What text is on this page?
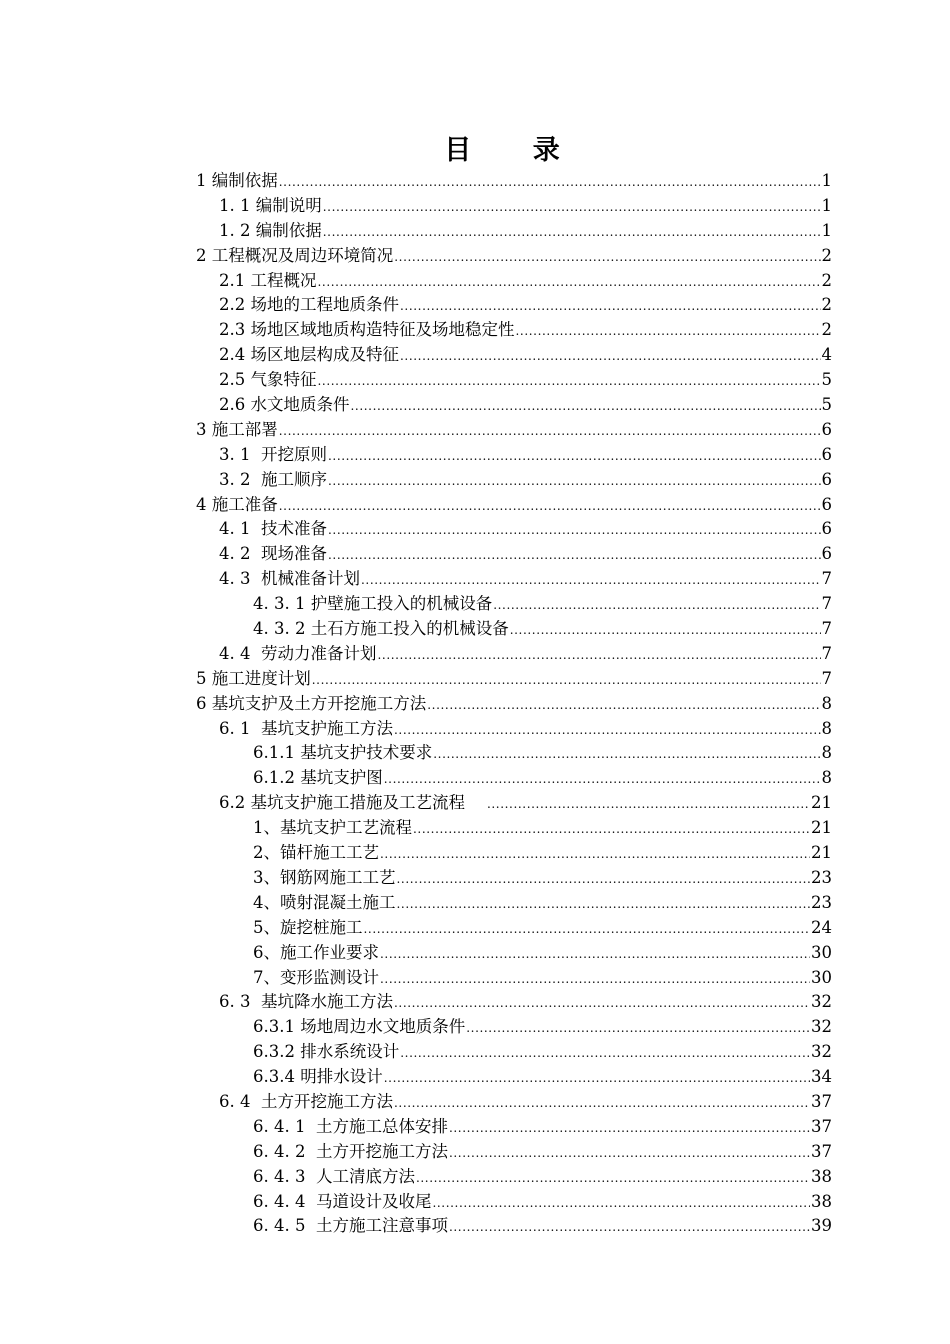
目 录
1 编制依据 .....	1
1. 1 编制说明 .....	1
1. 2 编制依据 .....	1
2 工程概况及周边环境简况 .....	2
2.1 工程概况 .....	2
2.2 场地的工程地质条件 .....	2
2.3 场地区域地质构造特征及场地稳定性 .....	2
2.4 场区地层构成及特征 .....	4
2.5 气象特征 .....	5
2.6 水文地质条件 .....	5
3 施工部署 .....	6
3. 1  开挖原则 .....	6
3. 2  施工顺序 .....	6
4 施工准备 .....	6
4. 1  技术准备 .....	6
4. 2  现场准备 .....	6
4. 3  机械准备计划 .....	7
4. 3. 1 护壁施工投入的机械设备 .....	7
4. 3. 2 土石方施工投入的机械设备 .....	7
4. 4  劳动力准备计划 .....	7
5 施工进度计划 .....	7
6 基坑支护及土方开挖施工方法 .....	8
6. 1  基坑支护施工方法 .....	8
6.1.1 基坑支护技术要求 .....	8
6.1.2 基坑支护图 .....	8
6.2 基坑支护施工措施及工艺流程 .....	21
1、基坑支护工艺流程 .....	21
2、锚杆施工工艺 .....	21
3、钢筋网施工工艺 .....	23
4、喷射混凝土施工 .....	23
5、旋挖桩施工 .....	24
6、施工作业要求 .....	30
7、变形监测设计 .....	30
6. 3  基坑降水施工方法 .....	32
6.3.1 场地周边水文地质条件 .....	32
6.3.2 排水系统设计 .....	32
6.3.4 明排水设计 .....	34
6. 4  土方开挖施工方法 .....	37
6. 4. 1  土方施工总体安排 .....	37
6. 4. 2  土方开挖施工方法 .....	37
6. 4. 3  人工清底方法 .....	38
6. 4. 4  马道设计及收尾 .....	38
6. 4. 5  土方施工注意事项 .....	39
